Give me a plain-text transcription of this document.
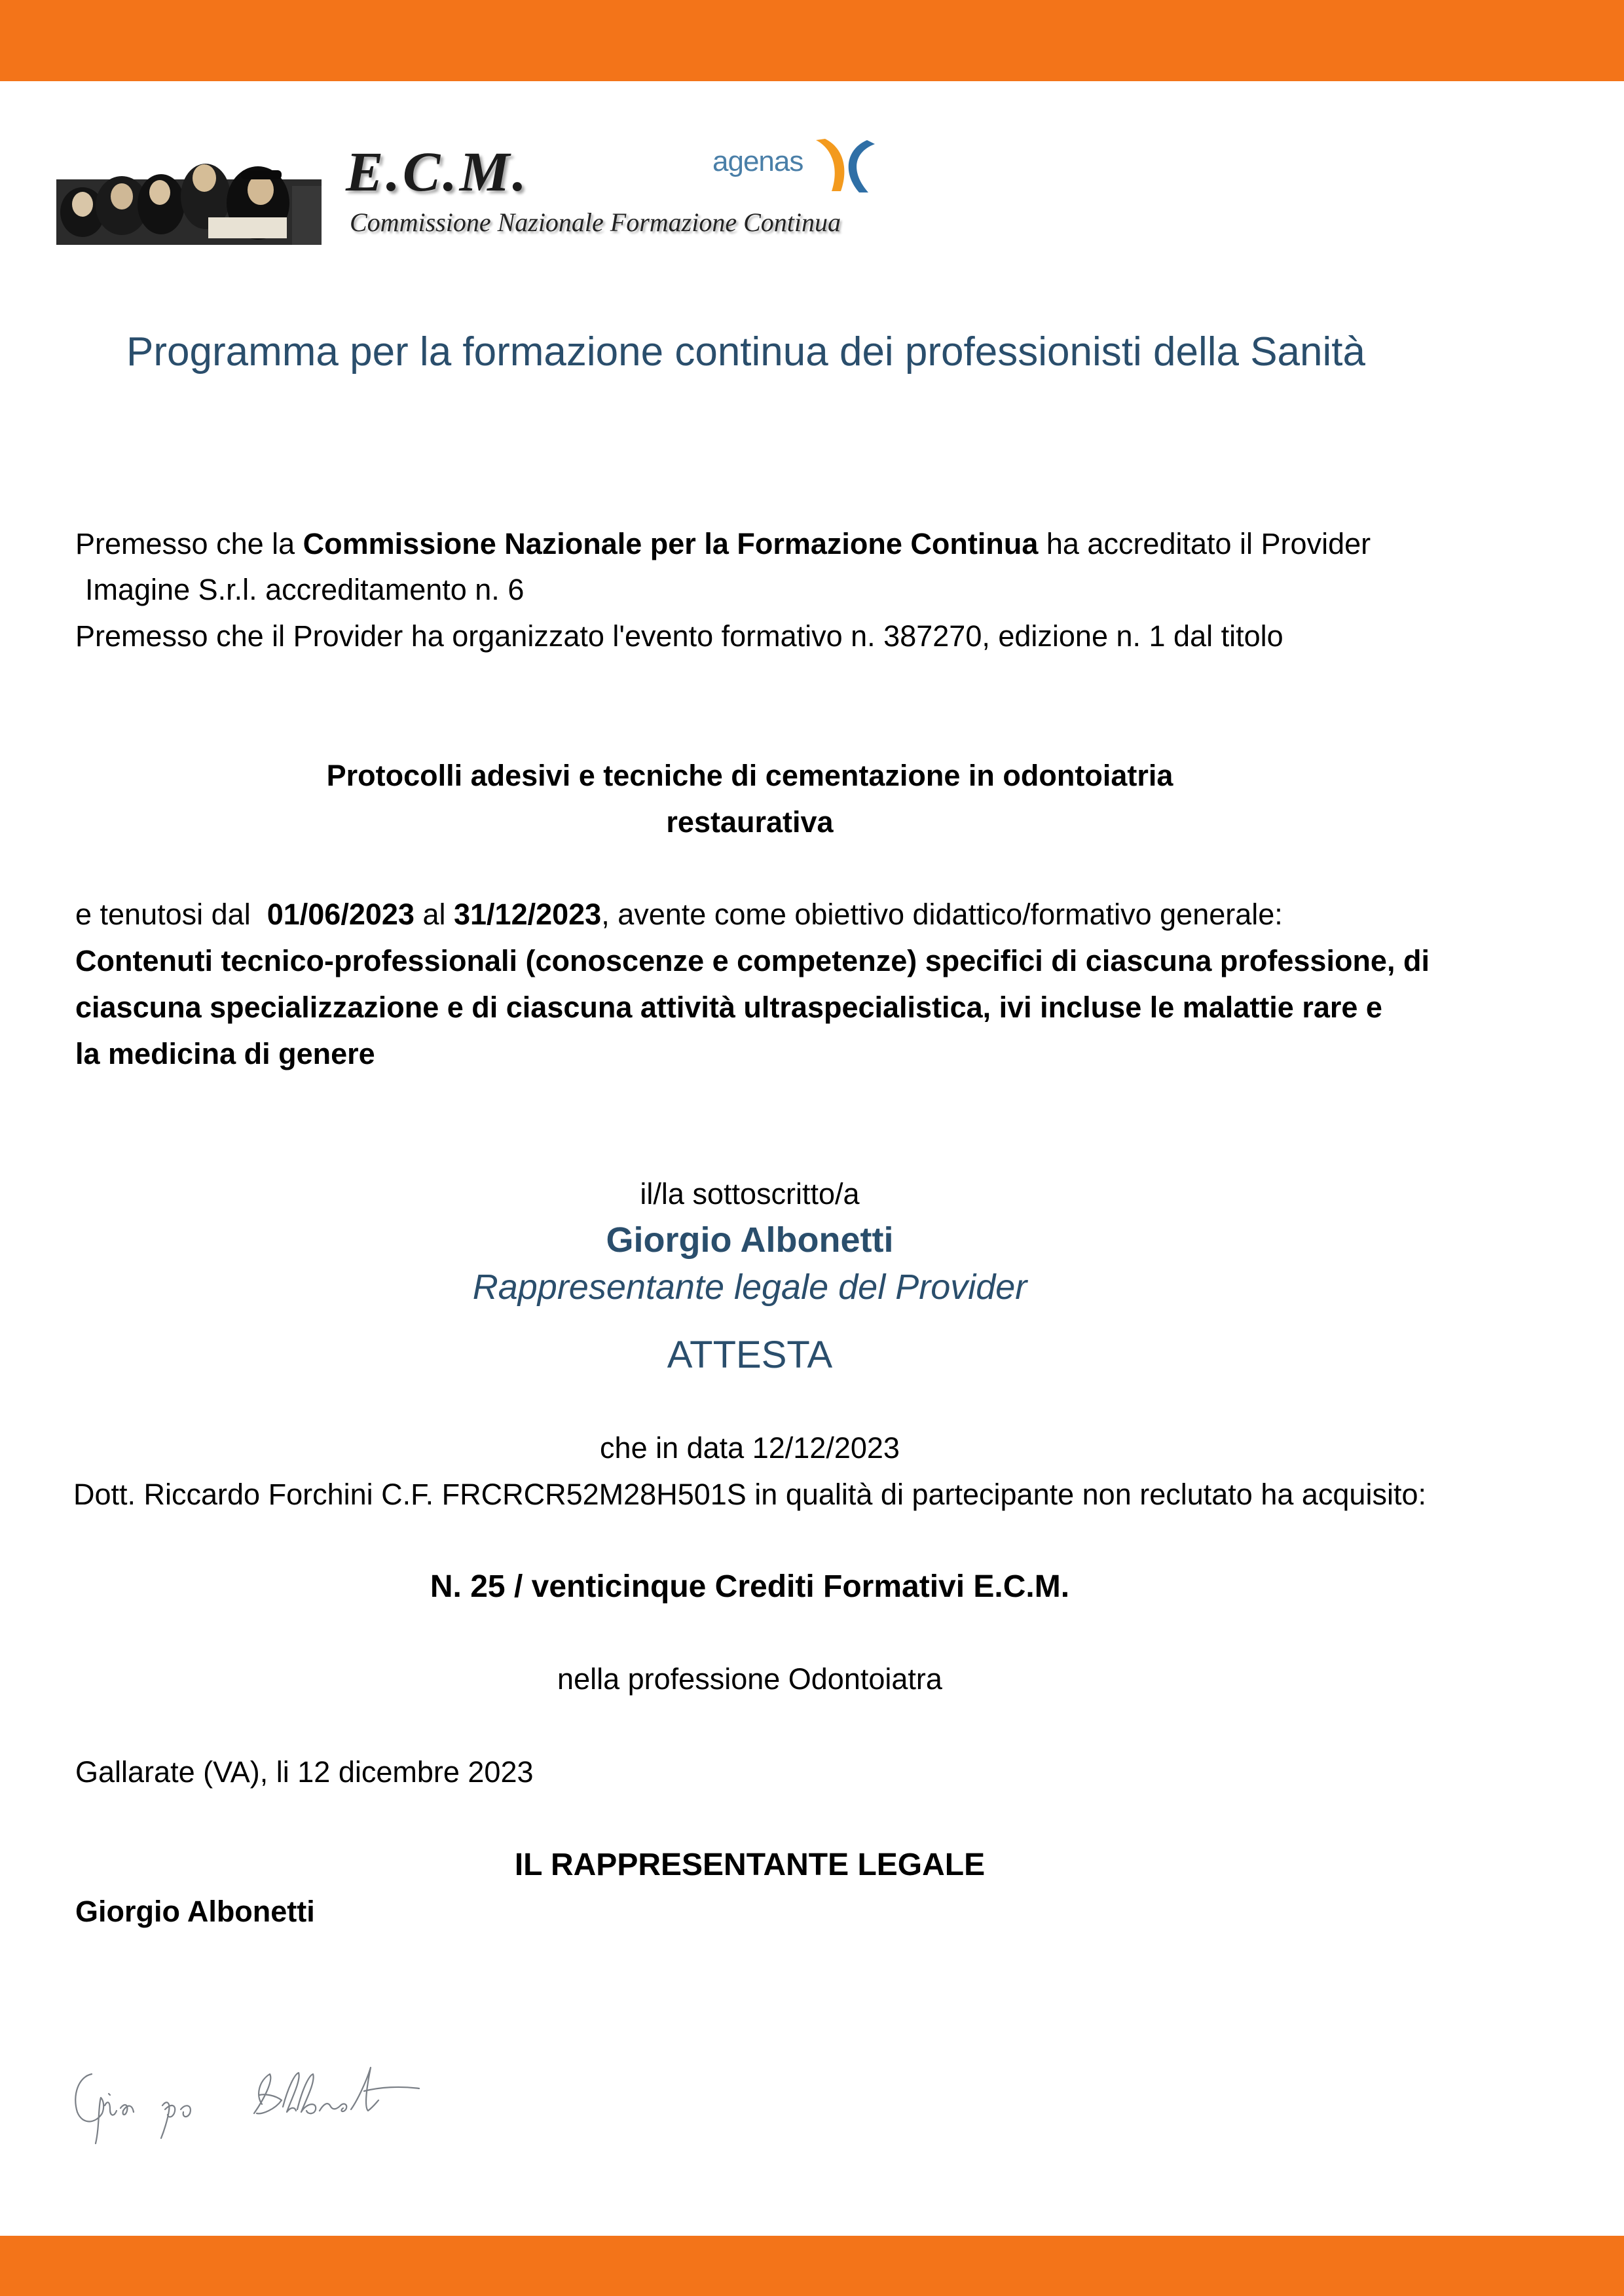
E.C.M.
Commissione Nazionale Formazione Continua
agenas
Programma per la formazione continua dei professionisti della Sanità
Premesso che la Commissione Nazionale per la Formazione Continua ha accreditato il Provider
Imagine S.r.l. accreditamento n. 6
Premesso che il Provider ha organizzato l'evento formativo n. 387270, edizione n. 1 dal titolo
Protocolli adesivi e tecniche di cementazione in odontoiatria
restaurativa
e tenutosi dal  01/06/2023 al 31/12/2023, avente come obiettivo didattico/formativo generale:
Contenuti tecnico-professionali (conoscenze e competenze) specifici di ciascuna professione, di
ciascuna specializzazione e di ciascuna attività ultraspecialistica, ivi incluse le malattie rare e
la medicina di genere
il/la sottoscritto/a
Giorgio Albonetti
Rappresentante legale del Provider
ATTESTA
che in data 12/12/2023
Dott. Riccardo Forchini C.F. FRCRCR52M28H501S in qualità di partecipante non reclutato ha acquisito:
N. 25 / venticinque Crediti Formativi E.C.M.
nella professione Odontoiatra
Gallarate (VA), li 12 dicembre 2023
IL RAPPRESENTANTE LEGALE
Giorgio Albonetti
